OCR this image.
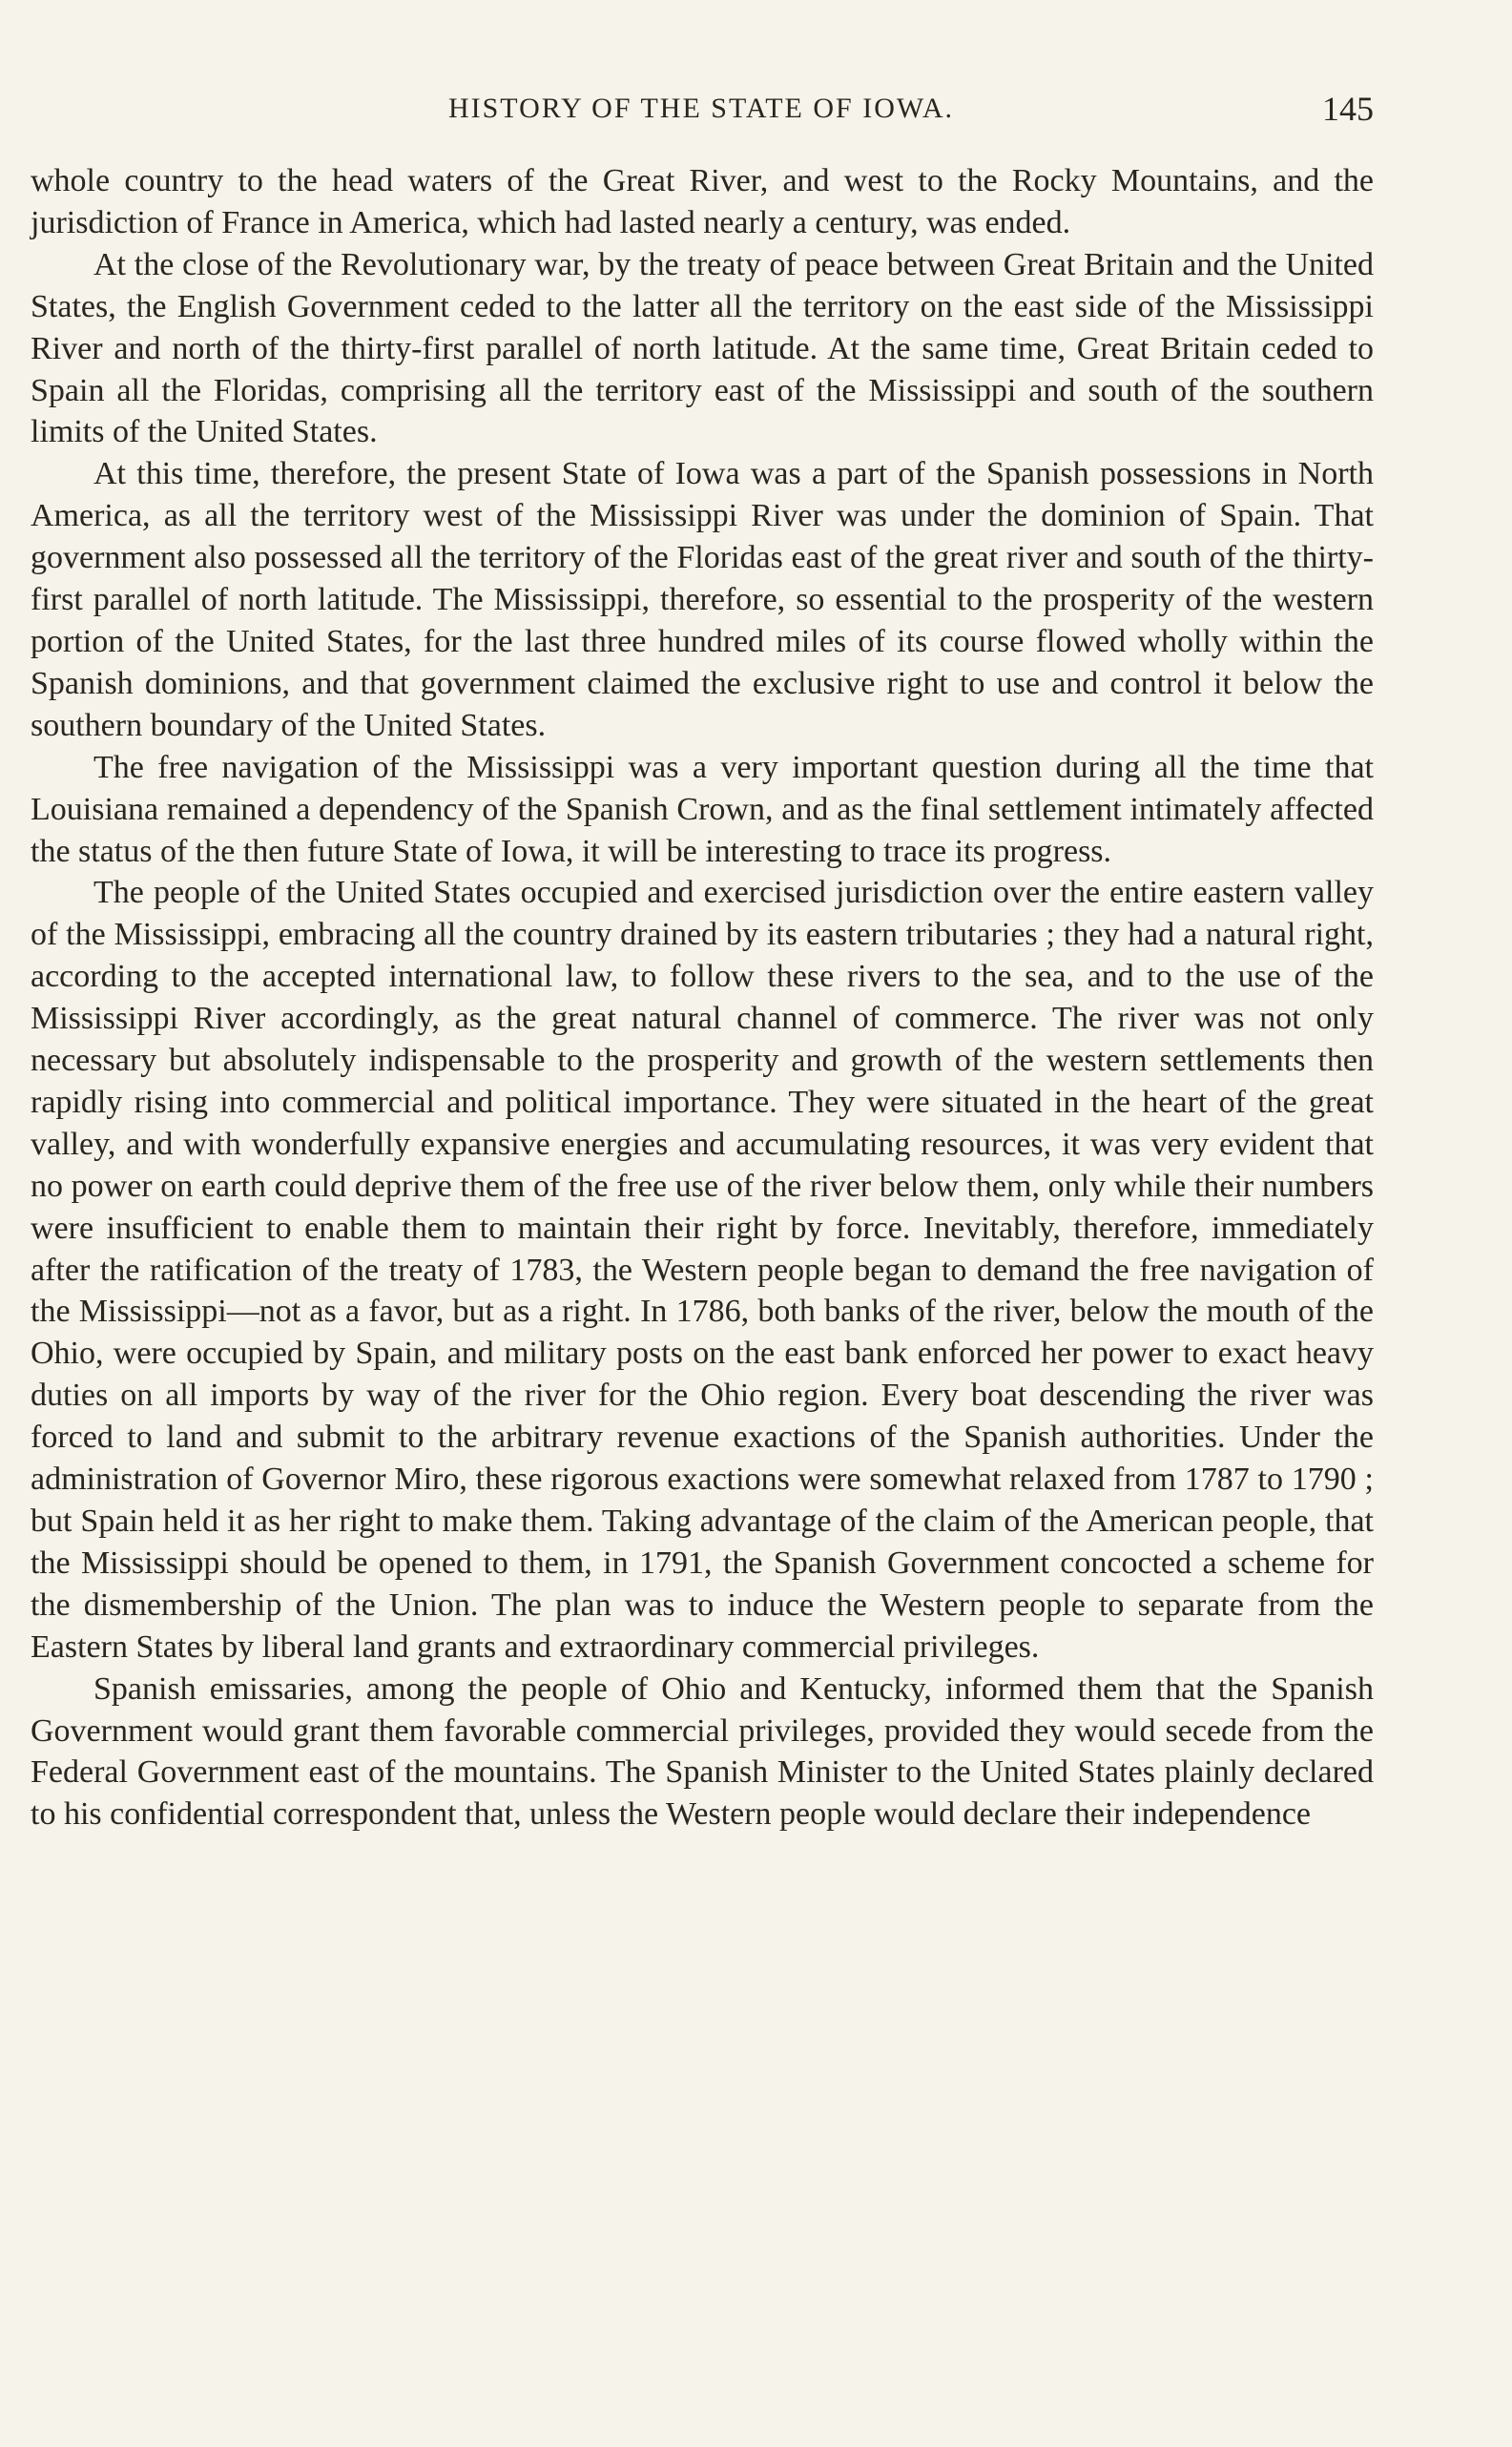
HISTORY OF THE STATE OF IOWA.	145

whole country to the head waters of the Great River, and west to the Rocky Mountains, and the jurisdiction of France in America, which had lasted nearly a century, was ended.

At the close of the Revolutionary war, by the treaty of peace between Great Britain and the United States, the English Government ceded to the latter all the territory on the east side of the Mississippi River and north of the thirty-first parallel of north latitude. At the same time, Great Britain ceded to Spain all the Floridas, comprising all the territory east of the Mississippi and south of the southern limits of the United States.

At this time, therefore, the present State of Iowa was a part of the Spanish possessions in North America, as all the territory west of the Mississippi River was under the dominion of Spain. That government also possessed all the territory of the Floridas east of the great river and south of the thirty-first parallel of north latitude. The Mississippi, therefore, so essential to the prosperity of the western portion of the United States, for the last three hundred miles of its course flowed wholly within the Spanish dominions, and that government claimed the exclusive right to use and control it below the southern boundary of the United States.

The free navigation of the Mississippi was a very important question during all the time that Louisiana remained a dependency of the Spanish Crown, and as the final settlement intimately affected the status of the then future State of Iowa, it will be interesting to trace its progress.

The people of the United States occupied and exercised jurisdiction over the entire eastern valley of the Mississippi, embracing all the country drained by its eastern tributaries ; they had a natural right, according to the accepted international law, to follow these rivers to the sea, and to the use of the Mississippi River accordingly, as the great natural channel of commerce. The river was not only necessary but absolutely indispensable to the prosperity and growth of the western settlements then rapidly rising into commercial and political importance. They were situated in the heart of the great valley, and with wonderfully expansive energies and accumulating resources, it was very evident that no power on earth could deprive them of the free use of the river below them, only while their numbers were insufficient to enable them to maintain their right by force. Inevitably, therefore, immediately after the ratification of the treaty of 1783, the Western people began to demand the free navigation of the Mississippi—not as a favor, but as a right. In 1786, both banks of the river, below the mouth of the Ohio, were occupied by Spain, and military posts on the east bank enforced her power to exact heavy duties on all imports by way of the river for the Ohio region. Every boat descending the river was forced to land and submit to the arbitrary revenue exactions of the Spanish authorities. Under the administration of Governor Miro, these rigorous exactions were somewhat relaxed from 1787 to 1790 ; but Spain held it as her right to make them. Taking advantage of the claim of the American people, that the Mississippi should be opened to them, in 1791, the Spanish Government concocted a scheme for the dismembership of the Union. The plan was to induce the Western people to separate from the Eastern States by liberal land grants and extraordinary commercial privileges.

Spanish emissaries, among the people of Ohio and Kentucky, informed them that the Spanish Government would grant them favorable commercial privileges, provided they would secede from the Federal Government east of the mountains. The Spanish Minister to the United States plainly declared to his confidential correspondent that, unless the Western people would declare their independence
